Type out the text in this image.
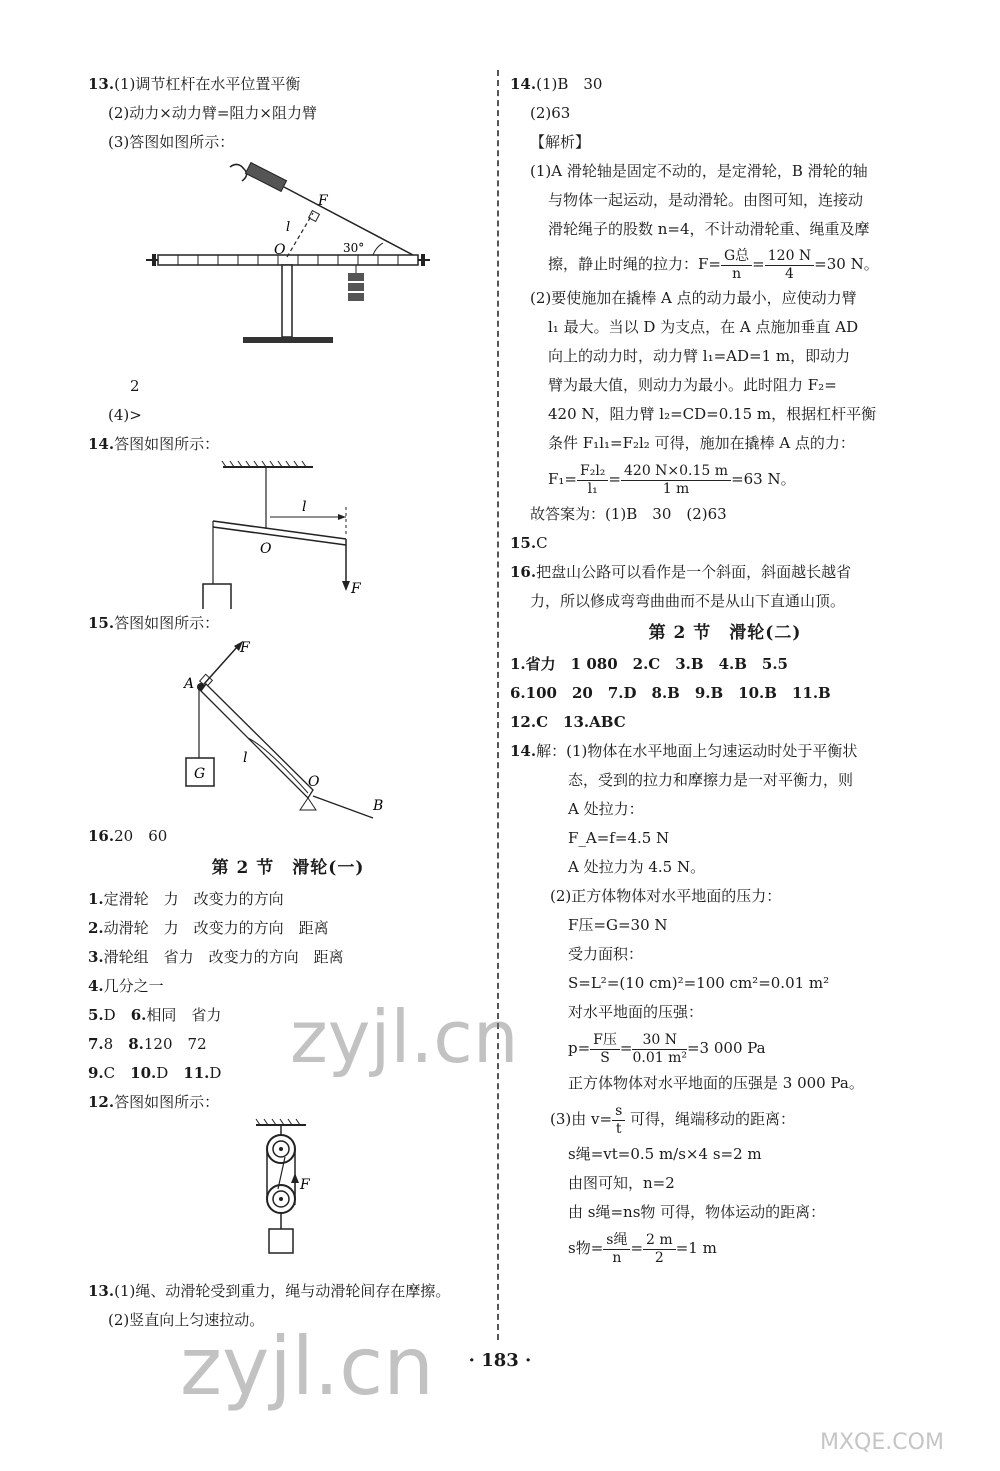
13.(1)调节杠杆在水平位置平衡
(2)动力×动力臂=阻力×阻力臂
(3)答图如图所示：
F
l
O	30°
2
(4)>
14.答图如图所示：
l
O
F
15.答图如图所示：
F
A
G
l
O
B
16.20　60
第 2 节　滑轮(一)
1.定滑轮　力　改变力的方向
2.动滑轮　力　改变力的方向　距离
3.滑轮组　省力　改变力的方向　距离
4.几分之一
5.D　6.相同　省力
7.8　8.120　72
9.C　10.D　11.D
12.答图如图所示：
F
13.(1)绳、动滑轮受到重力，绳与动滑轮间存在摩擦。
(2)竖直向上匀速拉动。
14.(1)B　30
(2)63
【解析】
(1)A 滑轮轴是固定不动的，是定滑轮，B 滑轮的轴
与物体一起运动，是动滑轮。由图可知，连接动
滑轮绳子的股数 n=4，不计动滑轮重、绳重及摩
擦，静止时绳的拉力：$F= \frac{\text{G总}}{n} = \frac{120 N}{4} =30$ N。
(2)要使施加在撬棒 A 点的动力最小，应使动力臂
l₁ 最大。当以 D 为支点，在 A 点施加垂直 AD
向上的动力时，动力臂 l₁=AD=1 m，即动力
臂为最大值，则动力为最小。此时阻力 F₂=
420 N，阻力臂 l₂=CD=0.15 m，根据杠杆平衡
条件 F₁l₁=F₂l₂ 可得，施加在撬棒 A 点的力：
$F_1= \frac{\text{F₂l₂}}{\text{l₁}} = \frac{420 N\times 0.15 m}{1 m} =63$ N。
故答案为：(1)B　30　(2)63
15.C
16.把盘山公路可以看作是一个斜面，斜面越长越省
力，所以修成弯弯曲曲而不是从山下直通山顶。
第 2 节　滑轮(二)
1.省力　1 080　2.C　3.B　4.B　5.5
6.100　20　7.D　8.B　9.B　10.B　11.B
12.C　13.ABC
14.解：(1)物体在水平地面上匀速运动时处于平衡状
态，受到的拉力和摩擦力是一对平衡力，则
A 处拉力：
F_A=f=4.5 N
A 处拉力为 4.5 N。
(2)正方体物体对水平地面的压力：
F压=G=30 N
受力面积：
S=L²=(10 cm)²=100 cm²=0.01 m²
对水平地面的压强：
$p= \frac{\text{F压}}{S} = \frac{30 N}{\text{0.01 m²}} =3$ 000 Pa
正方体物体对水平地面的压强是 3 000 Pa。
(3)由 $v= \frac{s}{t}$ 可得，绳端移动的距离：
s绳=vt=0.5 m/s×4 s=2 m
由图可知，n=2
由 s绳=ns物 可得，物体运动的距离：
s物= $\frac{\text{s绳}}{n} = \frac{2 m}{2} =1$ m
· 183 ·
zyjl.cn
zyjl.cn
MXQE.COM
